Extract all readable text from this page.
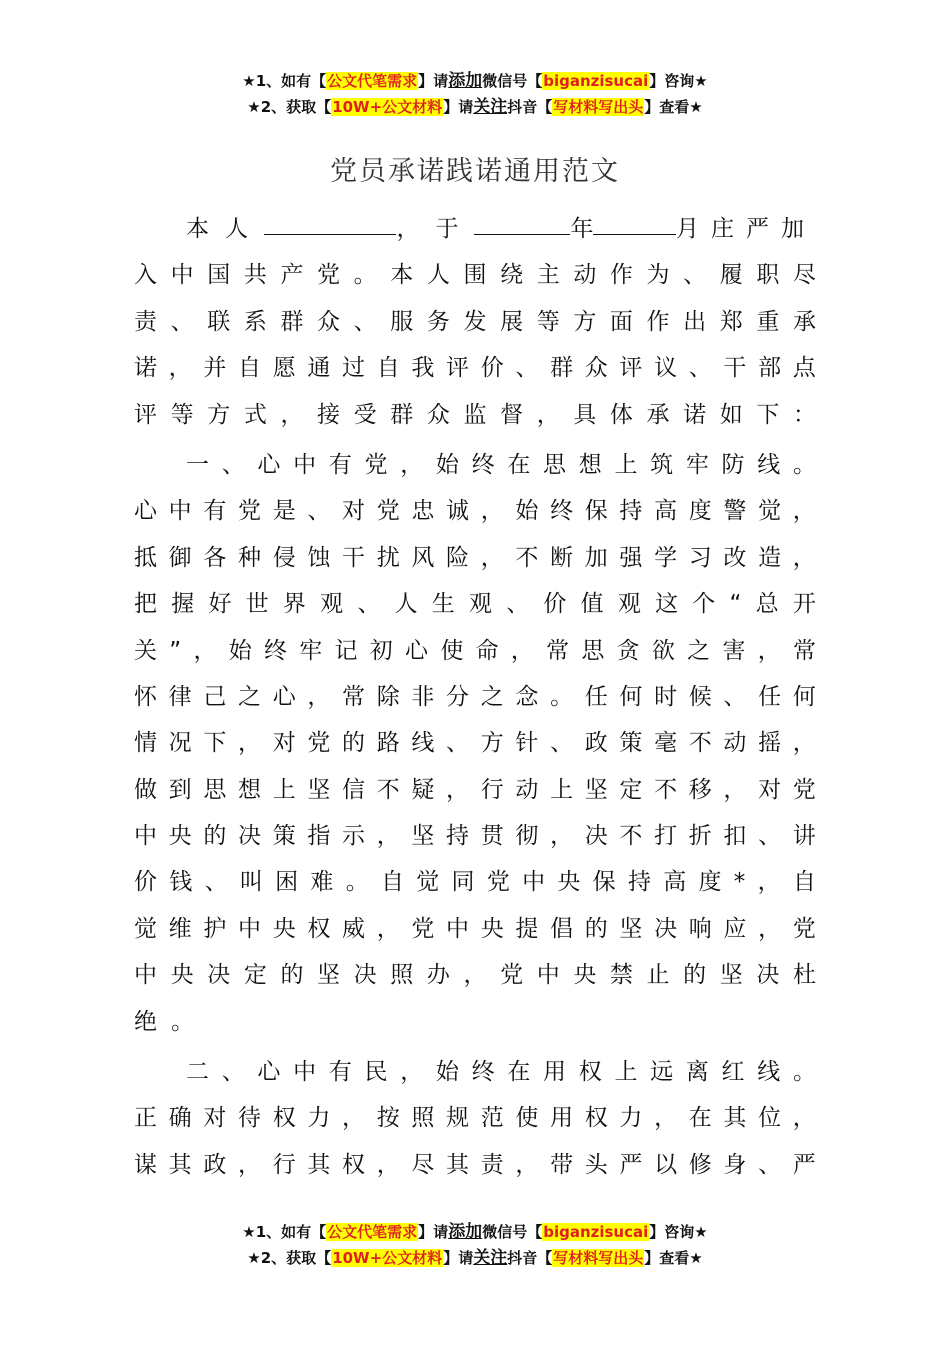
★1、如有【公文代笔需求】请添加微信号【biganzisucai】咨询★
★2、获取【10W+公文材料】请关注抖音【写材料写出头】查看★
党员承诺践诺通用范文
本人	，于	年	月庄严加
入 中 国 共 产 党 。 本 人 围 绕 主 动 作 为 、 履 职 尽
责 、 联 系 群 众 、 服 务 发 展 等 方 面 作 出 郑 重 承
诺 ， 并 自 愿 通 过 自 我 评 价 、 群 众 评 议 、 干 部 点
评 等 方 式 ， 接 受 群 众 监 督 ， 具 体 承 诺 如 下 ：
一 、 心 中 有 党 ， 始 终 在 思 想 上 筑 牢 防 线 。
心 中 有 党 是 、 对 党 忠 诚 ， 始 终 保 持 高 度 警 觉 ，
抵 御 各 种 侵 蚀 干 扰 风 险 ， 不 断 加 强 学 习 改 造 ，
把 握 好 世 界 观 、 人 生 观 、 价 值 观 这 个 “ 总 开
关 ” ， 始 终 牢 记 初 心 使 命 ， 常 思 贪 欲 之 害 ， 常
怀 律 己 之 心 ， 常 除 非 分 之 念 。 任 何 时 候 、 任 何
情 况 下 ， 对 党 的 路 线 、 方 针 、 政 策 毫 不 动 摇 ，
做 到 思 想 上 坚 信 不 疑 ， 行 动 上 坚 定 不 移 ， 对 党
中 央 的 决 策 指 示 ， 坚 持 贯 彻 ， 决 不 打 折 扣 、 讲
价 钱 、 叫 困 难 。 自 觉 同 党 中 央 保 持 高 度 * ， 自
觉 维 护 中 央 权 威 ， 党 中 央 提 倡 的 坚 决 响 应 ， 党
中 央 决 定 的 坚 决 照 办 ， 党 中 央 禁 止 的 坚 决 杜
绝 。
二 、 心 中 有 民 ， 始 终 在 用 权 上 远 离 红 线 。
正 确 对 待 权 力 ， 按 照 规 范 使 用 权 力 ， 在 其 位 ，
谋 其 政 ， 行 其 权 ， 尽 其 责 ， 带 头 严 以 修 身 、 严
★1、如有【公文代笔需求】请添加微信号【biganzisucai】咨询★
★2、获取【10W+公文材料】请关注抖音【写材料写出头】查看★
